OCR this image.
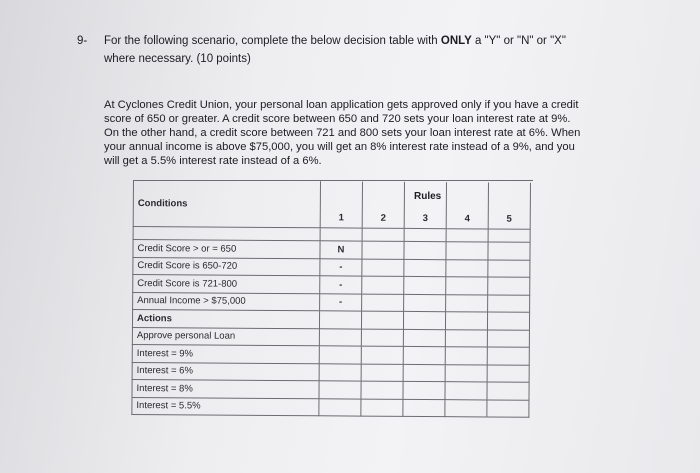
9- For the following scenario, complete the below decision table with ONLY a "Y" or "N" or "X"
where necessary. (10 points)
At Cyclones Credit Union, your personal loan application gets approved only if you have a credit
score of 650 or greater. A credit score between 650 and 720 sets your loan interest rate at 9%.
On the other hand, a credit score between 721 and 800 sets your loan interest rate at 6%. When
your annual income is above $75,000, you will get an 8% interest rate instead of a 9%, and you
will get a 5.5% interest rate instead of a 6%.
Rules
Conditions	1	2	3	4	5

Credit Score > or = 650	N				
Credit Score is 650-720	-				
Credit Score is 721-800	-				
Annual Income > $75,000	-				
Actions					
Approve personal Loan					
Interest = 9%					
Interest = 6%					
Interest = 8%					
Interest = 5.5%					
